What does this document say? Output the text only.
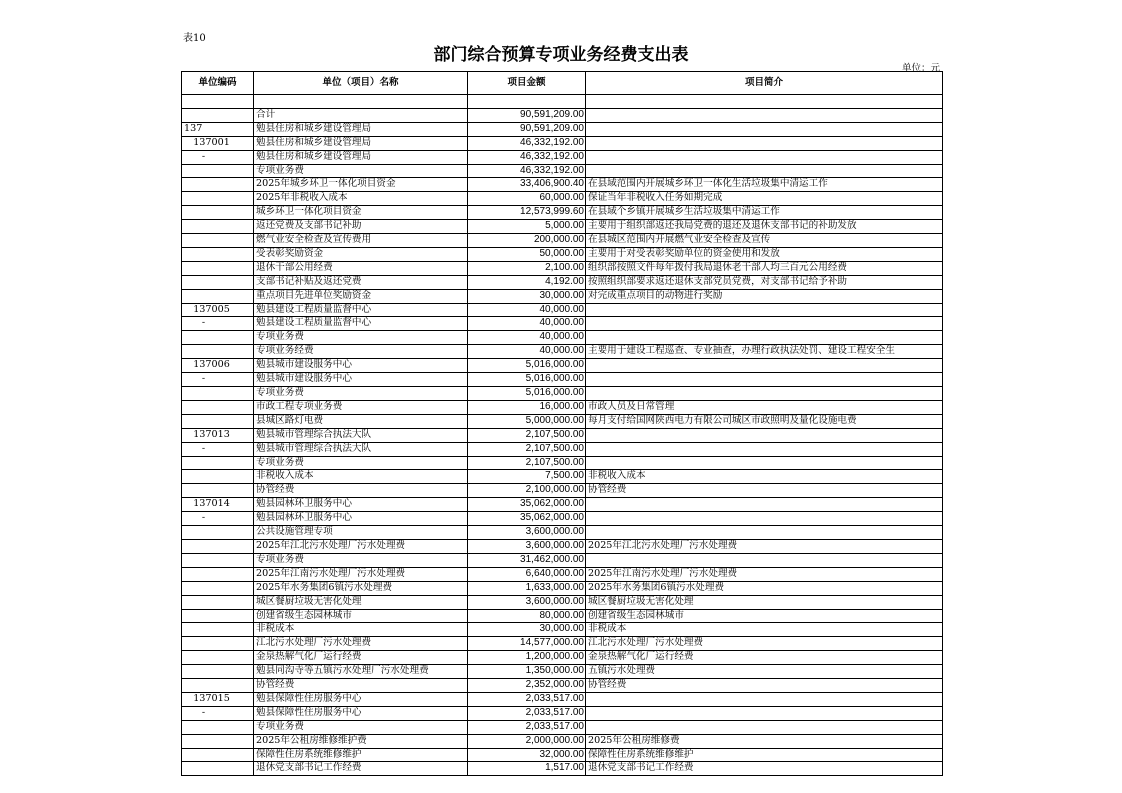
表10
部门综合预算专项业务经费支出表
单位：元
单位编码	单位（项目）名称	项目金额	项目简介

	合计	90,591,209.00	
137	勉县住房和城乡建设管理局	90,591,209.00	
137001	勉县住房和城乡建设管理局	46,332,192.00	
-	勉县住房和城乡建设管理局	46,332,192.00	
	专项业务费	46,332,192.00	
	2025年城乡环卫一体化项目资金	33,406,900.40	在县域范围内开展城乡环卫一体化生活垃圾集中清运工作
	2025年非税收入成本	60,000.00	保证当年非税收入任务如期完成
	城乡环卫一体化项目资金	12,573,999.60	在县域个乡镇开展城乡生活垃圾集中清运工作
	返还党费及支部书记补助	5,000.00	主要用于组织部返还我局党费的退还及退休支部书记的补助发放
	燃气业安全检查及宣传费用	200,000.00	在县城区范围内开展燃气业安全检查及宣传
	受表彰奖励资金	50,000.00	主要用于对受表彰奖励单位的资金使用和发放
	退休干部公用经费	2,100.00	组织部按照文件每年拨付我局退休老干部人均三百元公用经费
	支部书记补贴及返还党费	4,192.00	按照组织部要求返还退休支部党员党费，对支部书记给予补助
	重点项目先进单位奖励资金	30,000.00	对完成重点项目的动物进行奖励
137005	勉县建设工程质量监督中心	40,000.00	
-	勉县建设工程质量监督中心	40,000.00	
	专项业务费	40,000.00	
	专项业务经费	40,000.00	主要用于建设工程巡查、专业抽查，办理行政执法处罚、建设工程安全生
137006	勉县城市建设服务中心	5,016,000.00	
-	勉县城市建设服务中心	5,016,000.00	
	专项业务费	5,016,000.00	
	市政工程专项业务费	16,000.00	市政人员及日常管理
	县城区路灯电费	5,000,000.00	每月支付给国网陕西电力有限公司城区市政照明及量化设施电费
137013	勉县城市管理综合执法大队	2,107,500.00	
-	勉县城市管理综合执法大队	2,107,500.00	
	专项业务费	2,107,500.00	
	非税收入成本	7,500.00	非税收入成本
	协管经费	2,100,000.00	协管经费
137014	勉县园林环卫服务中心	35,062,000.00	
-	勉县园林环卫服务中心	35,062,000.00	
	公共设施管理专项	3,600,000.00	
	2025年江北污水处理厂污水处理费	3,600,000.00	2025年江北污水处理厂污水处理费
	专项业务费	31,462,000.00	
	2025年江南污水处理厂污水处理费	6,640,000.00	2025年江南污水处理厂污水处理费
	2025年水务集团6镇污水处理费	1,633,000.00	2025年水务集团6镇污水处理费
	城区餐厨垃圾无害化处理	3,600,000.00	城区餐厨垃圾无害化处理
	创建省级生态园林城市	80,000.00	创建省级生态园林城市
	非税成本	30,000.00	非税成本
	江北污水处理厂污水处理费	14,577,000.00	江北污水处理厂污水处理费
	金泉热解气化厂运行经费	1,200,000.00	金泉热解气化厂运行经费
	勉县同沟寺等五镇污水处理厂污水处理费	1,350,000.00	五镇污水处理费
	协管经费	2,352,000.00	协管经费
137015	勉县保障性住房服务中心	2,033,517.00	
-	勉县保障性住房服务中心	2,033,517.00	
	专项业务费	2,033,517.00	
	2025年公租房维修维护费	2,000,000.00	2025年公租房维修费
	保障性住房系统维修维护	32,000.00	保障性住房系统维修维护
	退休党支部书记工作经费	1,517.00	退休党支部书记工作经费
